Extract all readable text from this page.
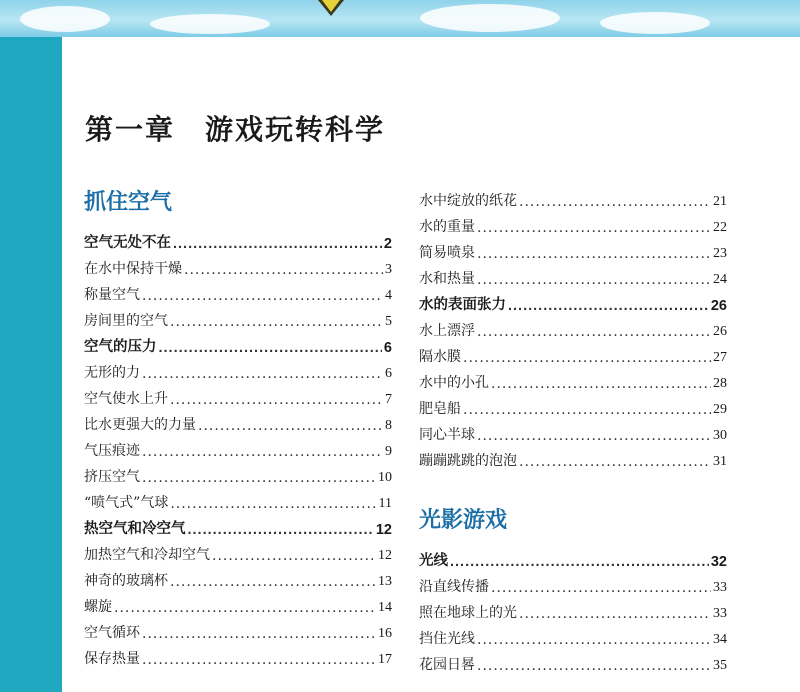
第一章　游戏玩转科学
抓住空气
空气无处不在 .....	2
在水中保持干燥 .....	3
称量空气 .....	4
房间里的空气 .....	5
空气的压力 .....	6
无形的力 .....	6
空气使水上升 .....	7
比水更强大的力量 .....	8
气压痕迹 .....	9
挤压空气 .....	10
“喷气式”气球 .....	11
热空气和冷空气 .....	12
加热空气和冷却空气 .....	12
神奇的玻璃杯 .....	13
螺旋 .....	14
空气循环 .....	16
保存热量 .....	17
水中绽放的纸花 .....	21
水的重量 .....	22
简易喷泉 .....	23
水和热量 .....	24
水的表面张力 .....	26
水上漂浮 .....	26
隔水膜 .....	27
水中的小孔 .....	28
肥皂船 .....	29
同心半球 .....	30
蹦蹦跳跳的泡泡 .....	31
光影游戏
光线 .....	32
沿直线传播 .....	33
照在地球上的光 .....	33
挡住光线 .....	34
花园日晷 .....	35
